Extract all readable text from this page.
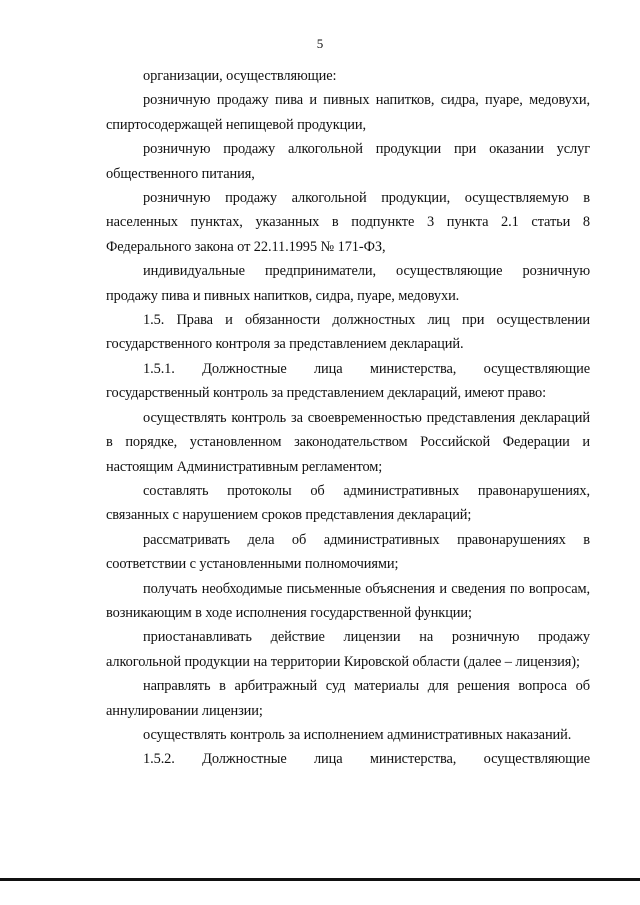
5

организации, осуществляющие:

розничную продажу пива и пивных напитков, сидра, пуаре, медовухи, спиртосодержащей непищевой продукции,

розничную продажу алкогольной продукции при оказании услуг общественного питания,

розничную продажу алкогольной продукции, осуществляемую в населенных пунктах, указанных в подпункте 3 пункта 2.1 статьи 8 Федерального закона от 22.11.1995 № 171-ФЗ,

индивидуальные предприниматели, осуществляющие розничную продажу пива и пивных напитков, сидра, пуаре, медовухи.

1.5. Права и обязанности должностных лиц при осуществлении государственного контроля за представлением деклараций.

1.5.1. Должностные лица министерства, осуществляющие государственный контроль за представлением деклараций, имеют право:

осуществлять контроль за своевременностью представления деклараций в порядке, установленном законодательством Российской Федерации и настоящим Административным регламентом;

составлять протоколы об административных правонарушениях, связанных с нарушением сроков представления деклараций;

рассматривать дела об административных правонарушениях в соответствии с установленными полномочиями;

получать необходимые письменные объяснения и сведения по вопросам, возникающим в ходе исполнения государственной функции;

приостанавливать действие лицензии на розничную продажу алкогольной продукции на территории Кировской области (далее – лицензия);

направлять в арбитражный суд материалы для решения вопроса об аннулировании лицензии;

осуществлять контроль за исполнением административных наказаний.

1.5.2. Должностные лица министерства, осуществляющие
